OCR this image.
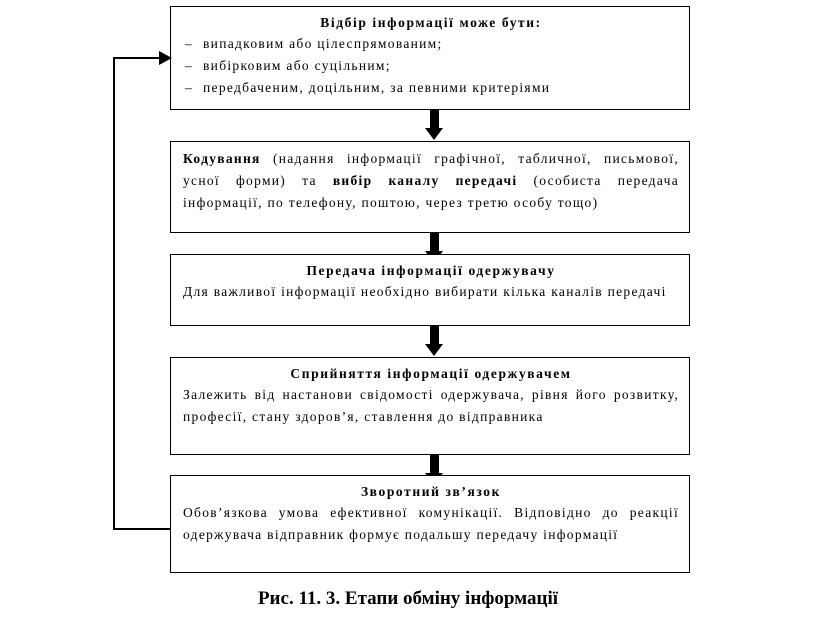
Відбір інформації може бути:
– випадковим або цілеспрямованим;
– вибірковим або суцільним;
– передбаченим, доцільним, за певними критеріями
Кодування (надання інформації графічної, табличної, письмової, усної форми) та вибір каналу передачі (особиста передача інформації, по телефону, поштою, через третю особу тощо)
Передача інформації одержувачу
Для важливої інформації необхідно вибирати кілька каналів передачі
Сприйняття інформації одержувачем
Залежить від настанови свідомості одержувача, рівня його розвитку, професії, стану здоров’я, ставлення до відправника
Зворотний зв’язок
Обов’язкова умова ефективної комунікації. Відповідно до реакції одержувача відправник формує подальшу передачу інформації
Рис. 11. 3. Етапи обміну інформації
